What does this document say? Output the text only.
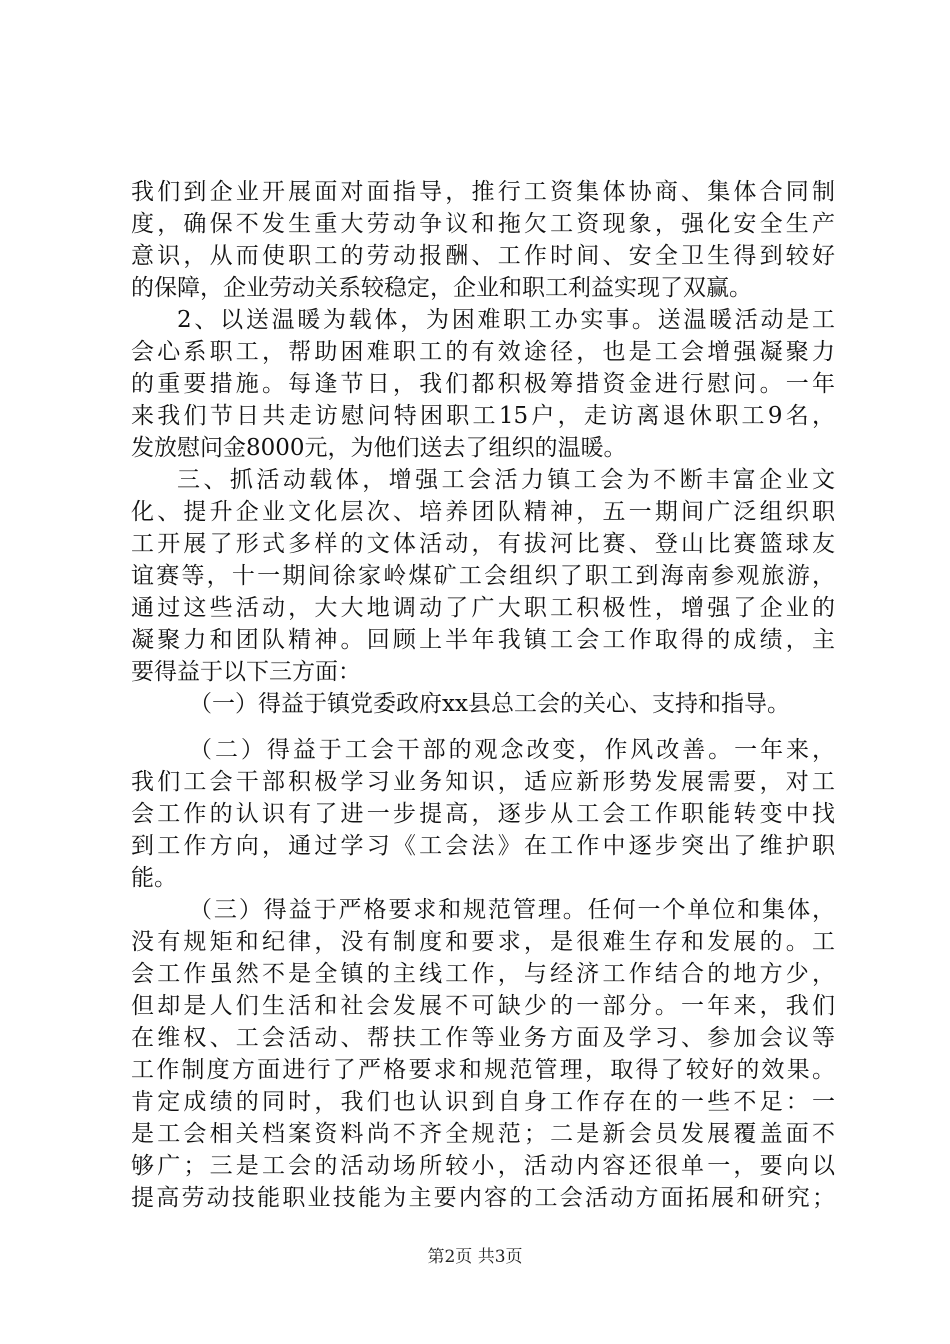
我们到企业开展面对面指导，推行工资集体协商、集体合同制
度，确保不发生重大劳动争议和拖欠工资现象，强化安全生产
意识，从而使职工的劳动报酬、工作时间、安全卫生得到较好
的保障，企业劳动关系较稳定，企业和职工利益实现了双赢。
2、以送温暖为载体，为困难职工办实事。送温暖活动是工
会心系职工，帮助困难职工的有效途径，也是工会增强凝聚力
的重要措施。每逢节日，我们都积极筹措资金进行慰问。一年
来我们节日共走访慰问特困职工15户，走访离退休职工9名，
发放慰问金8000元，为他们送去了组织的温暖。
三、抓活动载体，增强工会活力镇工会为不断丰富企业文
化、提升企业文化层次、培养团队精神，五一期间广泛组织职
工开展了形式多样的文体活动，有拔河比赛、登山比赛篮球友
谊赛等，十一期间徐家岭煤矿工会组织了职工到海南参观旅游，
通过这些活动，大大地调动了广大职工积极性，增强了企业的
凝聚力和团队精神。回顾上半年我镇工会工作取得的成绩，主
要得益于以下三方面：
（一）得益于镇党委政府xx县总工会的关心、支持和指导。
（二）得益于工会干部的观念改变，作风改善。一年来，
我们工会干部积极学习业务知识，适应新形势发展需要，对工
会工作的认识有了进一步提高，逐步从工会工作职能转变中找
到工作方向，通过学习《工会法》在工作中逐步突出了维护职
能。
（三）得益于严格要求和规范管理。任何一个单位和集体，
没有规矩和纪律，没有制度和要求，是很难生存和发展的。工
会工作虽然不是全镇的主线工作，与经济工作结合的地方少，
但却是人们生活和社会发展不可缺少的一部分。一年来，我们
在维权、工会活动、帮扶工作等业务方面及学习、参加会议等
工作制度方面进行了严格要求和规范管理，取得了较好的效果。
肯定成绩的同时，我们也认识到自身工作存在的一些不足：一
是工会相关档案资料尚不齐全规范；二是新会员发展覆盖面不
够广；三是工会的活动场所较小，活动内容还很单一，要向以
提高劳动技能职业技能为主要内容的工会活动方面拓展和研究；
第2页 共3页
